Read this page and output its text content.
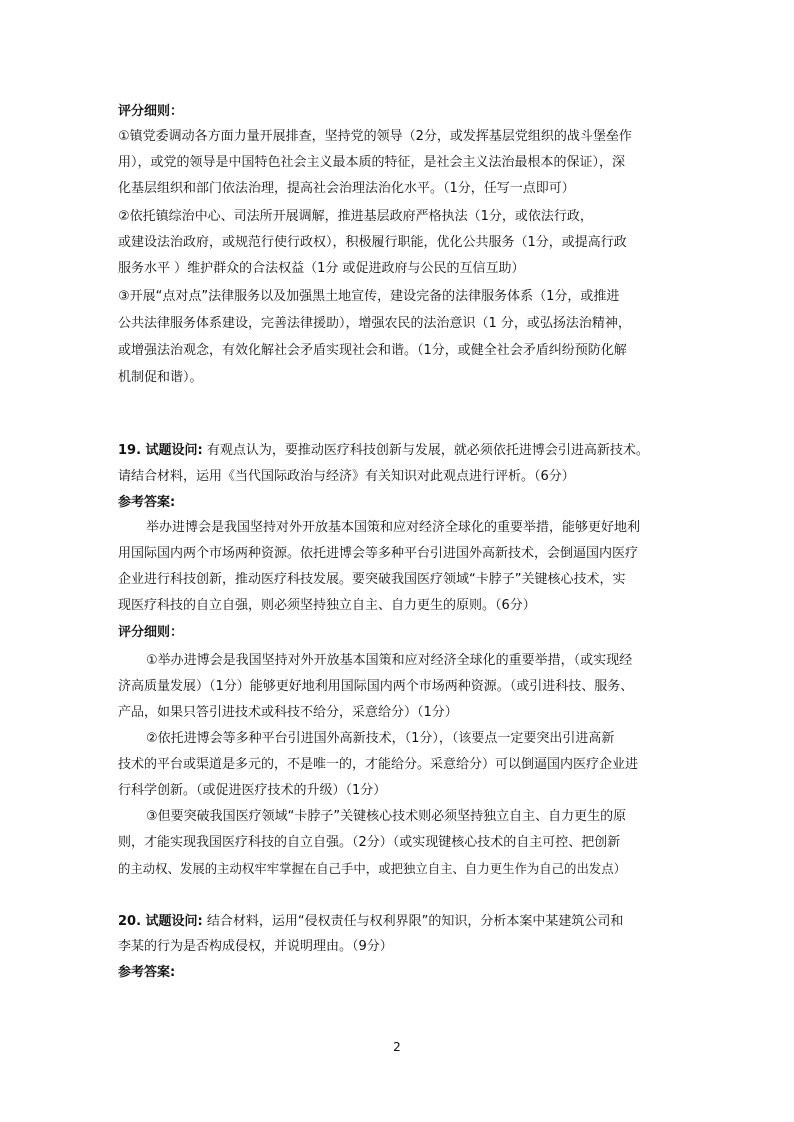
评分细则：
①镇党委调动各方面力量开展排查，坚持党的领导（2分，或发挥基层党组织的战斗堡垒作
用），或党的领导是中国特色社会主义最本质的特征，是社会主义法治最根本的保证），深
化基层组织和部门依法治理，提高社会治理法治化水平。（1分，任写一点即可）
②依托镇综治中心、司法所开展调解，推进基层政府严格执法（1分，或依法行政，
或建设法治政府，或规范行使行政权），积极履行职能，优化公共服务（1分，或提高行政
服务水平 ）维护群众的合法权益（1分 或促进政府与公民的互信互助）
③开展“点对点”法律服务以及加强黑土地宣传，建设完备的法律服务体系（1分，或推进
公共法律服务体系建设，完善法律援助），增强农民的法治意识（1 分，或弘扬法治精神，
或增强法治观念，有效化解社会矛盾实现社会和谐。（1分，或健全社会矛盾纠纷预防化解
机制促和谐）。
19. 试题设问: 有观点认为，要推动医疗科技创新与发展，就必须依托进博会引进高新技术。
请结合材料，运用《当代国际政治与经济》有关知识对此观点进行评析。（6分）
参考答案:
举办进博会是我国坚持对外开放基本国策和应对经济全球化的重要举措，能够更好地利
用国际国内两个市场两种资源。依托进博会等多种平台引进国外高新技术，会倒逼国内医疗
企业进行科技创新，推动医疗科技发展。要突破我国医疗领域“卡脖子”关键核心技术，实
现医疗科技的自立自强，则必须坚持独立自主、自力更生的原则。（6分）
评分细则：
①举办进博会是我国坚持对外开放基本国策和应对经济全球化的重要举措，（或实现经
济高质量发展）（1分）能够更好地利用国际国内两个市场两种资源。（或引进科技、服务、
产品，如果只答引进技术或科技不给分，采意给分）（1分）
②依托进博会等多种平台引进国外高新技术，（1分），（该要点一定要突出引进高新
技术的平台或渠道是多元的，不是唯一的，才能给分。采意给分）可以倒逼国内医疗企业进
行科学创新。（或促进医疗技术的升级）（1分）
③但要突破我国医疗领域“卡脖子”关键核心技术则必须坚持独立自主、自力更生的原
则，才能实现我国医疗科技的自立自强。（2分）（或实现键核心技术的自主可控、把创新
的主动权、发展的主动权牢牢掌握在自己手中，或把独立自主、自力更生作为自己的出发点）
20. 试题设问: 结合材料，运用“侵权责任与权利界限”的知识，分析本案中某建筑公司和
李某的行为是否构成侵权，并说明理由。（9分）
参考答案:
2
